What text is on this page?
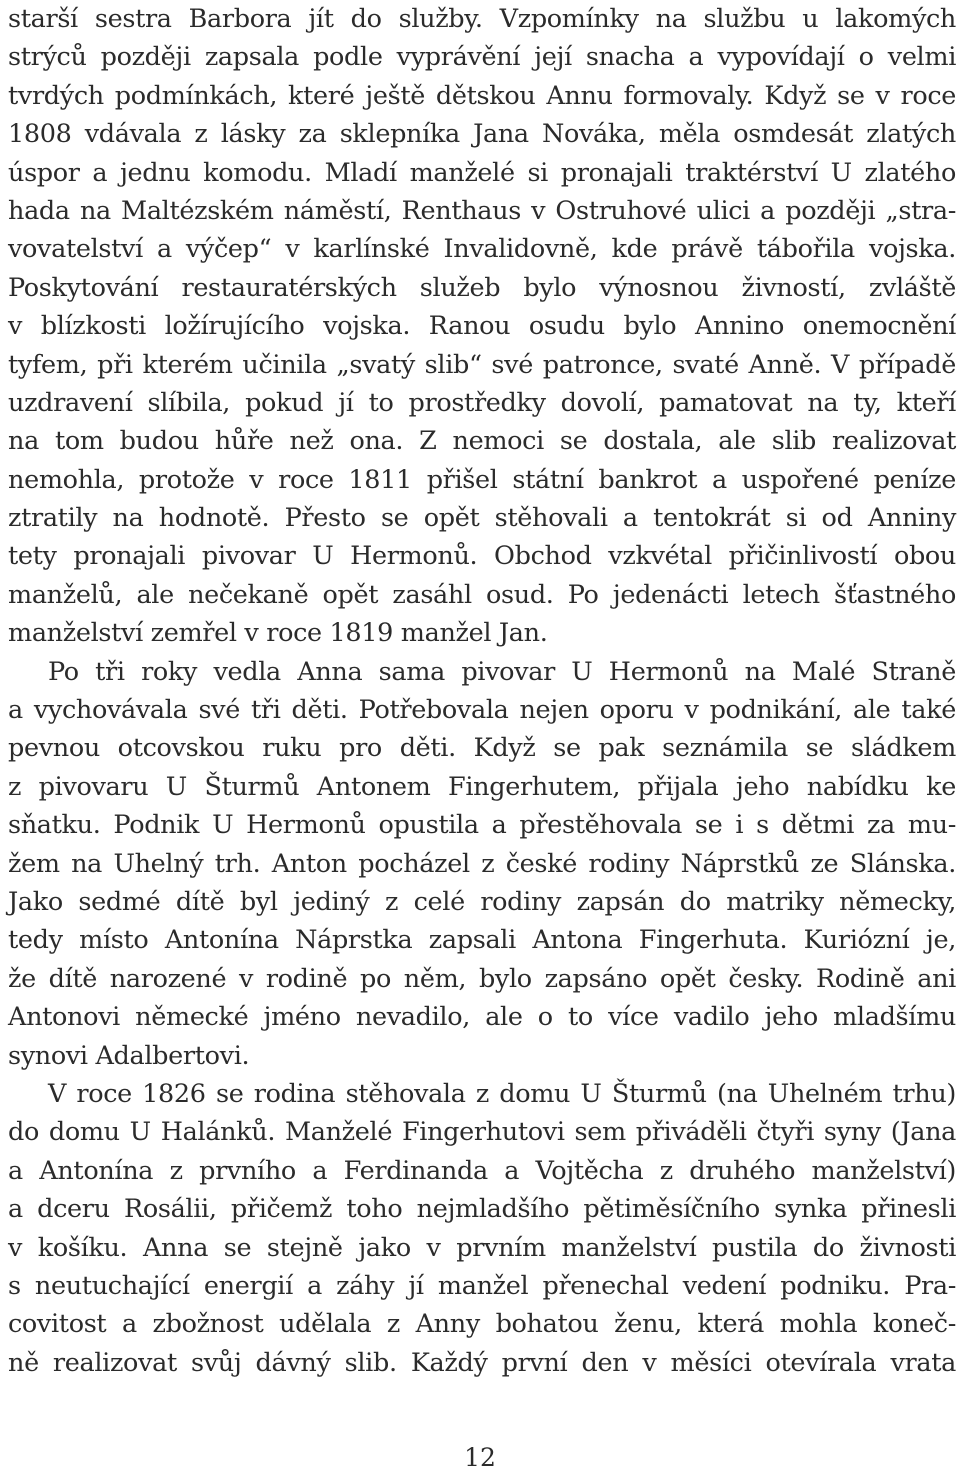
starší sestra Barbora jít do služby. Vzpomínky na službu u lakomých
strýců později zapsala podle vyprávění její snacha a vypovídají o velmi
tvrdých podmínkách, které ještě dětskou Annu formovaly. Když se v roce
1808 vdávala z lásky za sklepníka Jana Nováka, měla osmdesát zlatých
úspor a jednu komodu. Mladí manželé si pronajali traktérství U zlatého
hada na Maltézském náměstí, Renthaus v Ostruhové ulici a později „stra-
vovatelství a výčep“ v karlínské Invalidovně, kde právě tábořila vojska.
Poskytování restauratérských služeb bylo výnosnou živností, zvláště
v blízkosti ložírujícího vojska. Ranou osudu bylo Annino onemocnění
tyfem, při kterém učinila „svatý slib“ své patronce, svaté Anně. V případě
uzdravení slíbila, pokud jí to prostředky dovolí, pamatovat na ty, kteří
na tom budou hůře než ona. Z nemoci se dostala, ale slib realizovat
nemohla, protože v roce 1811 přišel státní bankrot a uspořené peníze
ztratily na hodnotě. Přesto se opět stěhovali a tentokrát si od Anniny
tety pronajali pivovar U Hermonů. Obchod vzkvétal přičinlivostí obou
manželů, ale nečekaně opět zasáhl osud. Po jedenácti letech šťastného
manželství zemřel v roce 1819 manžel Jan.
Po tři roky vedla Anna sama pivovar U Hermonů na Malé Straně
a vychovávala své tři děti. Potřebovala nejen oporu v podnikání, ale také
pevnou otcovskou ruku pro děti. Když se pak seznámila se sládkem
z pivovaru U Šturmů Antonem Fingerhutem, přijala jeho nabídku ke
sňatku. Podnik U Hermonů opustila a přestěhovala se i s dětmi za mu-
žem na Uhelný trh. Anton pocházel z české rodiny Náprstků ze Slánska.
Jako sedmé dítě byl jediný z celé rodiny zapsán do matriky německy,
tedy místo Antonína Náprstka zapsali Antona Fingerhuta. Kuriózní je,
že dítě narozené v rodině po něm, bylo zapsáno opět česky. Rodině ani
Antonovi německé jméno nevadilo, ale o to více vadilo jeho mladšímu
synovi Adalbertovi.
V roce 1826 se rodina stěhovala z domu U Šturmů (na Uhelném trhu)
do domu U Halánků. Manželé Fingerhutovi sem přiváděli čtyři syny (Jana
a Antonína z prvního a Ferdinanda a Vojtěcha z druhého manželství)
a dceru Rosálii, přičemž toho nejmladšího pětiměsíčního synka přinesli
v košíku. Anna se stejně jako v prvním manželství pustila do živnosti
s neutuchající energií a záhy jí manžel přenechal vedení podniku. Pra-
covitost a zbožnost udělala z Anny bohatou ženu, která mohla koneč-
ně realizovat svůj dávný slib. Každý první den v měsíci otevírala vrata
12
